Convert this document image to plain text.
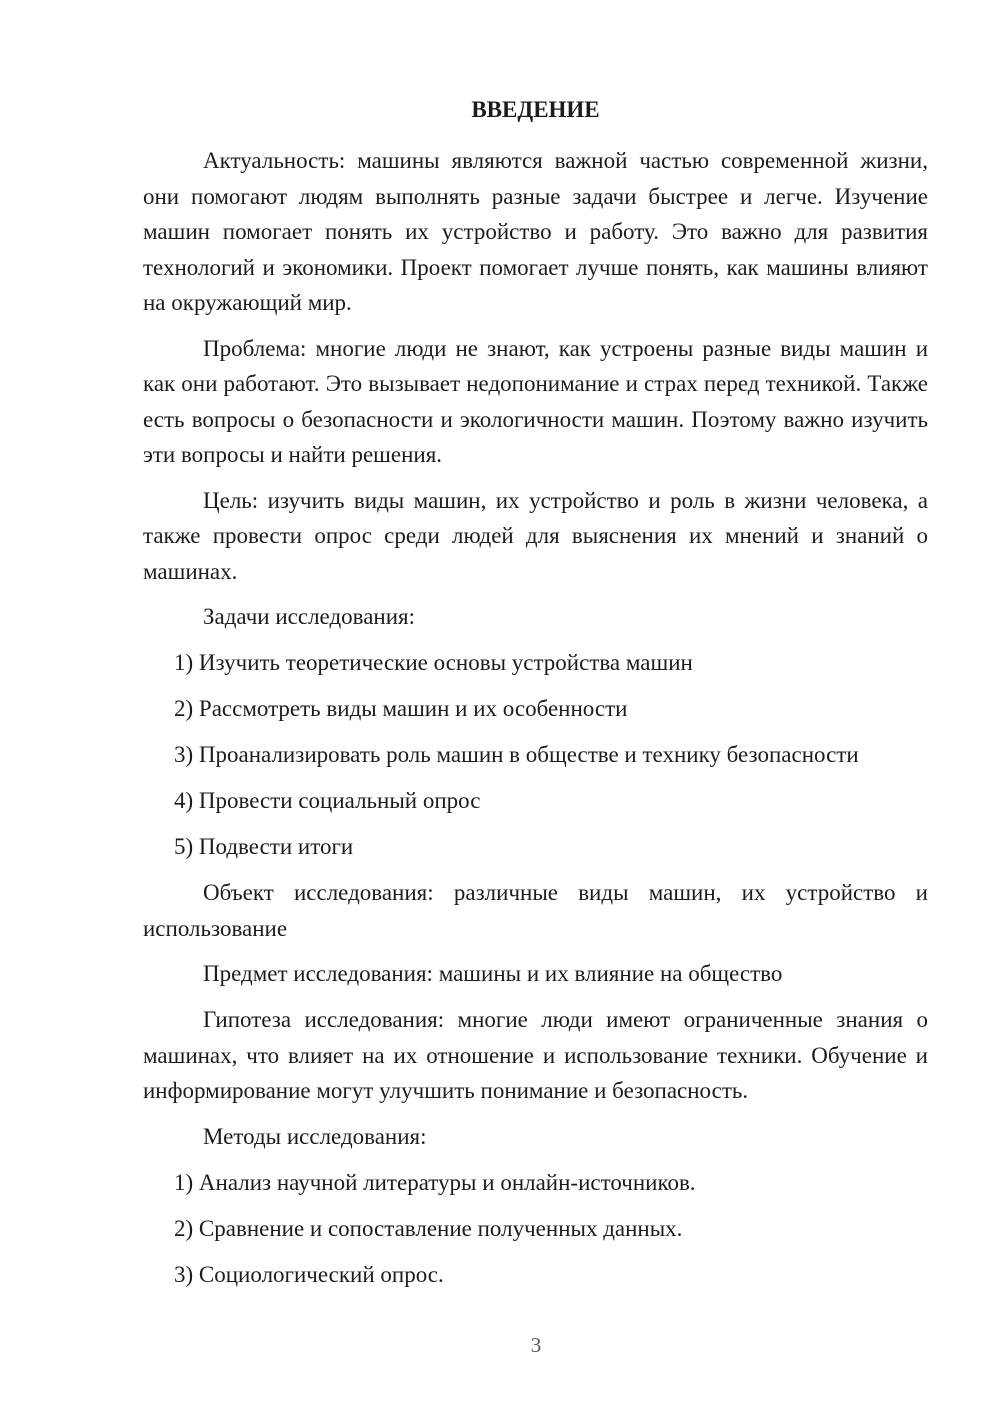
ВВЕДЕНИЕ

Актуальность: машины являются важной частью современной жизни, они помогают людям выполнять разные задачи быстрее и легче. Изучение машин помогает понять их устройство и работу. Это важно для развития технологий и экономики. Проект помогает лучше понять, как машины влияют на окружающий мир.

Проблема: многие люди не знают, как устроены разные виды машин и как они работают. Это вызывает недопонимание и страх перед техникой. Также есть вопросы о безопасности и экологичности машин. Поэтому важно изучить эти вопросы и найти решения.

Цель: изучить виды машин, их устройство и роль в жизни человека, а также провести опрос среди людей для выяснения их мнений и знаний о машинах.

Задачи исследования:

1) Изучить теоретические основы устройства машин

2) Рассмотреть виды машин и их особенности

3) Проанализировать роль машин в обществе и технику безопасности

4) Провести социальный опрос

5) Подвести итоги

Объект исследования: различные виды машин, их устройство и использование

Предмет исследования: машины и их влияние на общество

Гипотеза исследования: многие люди имеют ограниченные знания о машинах, что влияет на их отношение и использование техники. Обучение и информирование могут улучшить понимание и безопасность.

Методы исследования:

1) Анализ научной литературы и онлайн-источников.

2) Сравнение и сопоставление полученных данных.

3) Социологический опрос.

3
